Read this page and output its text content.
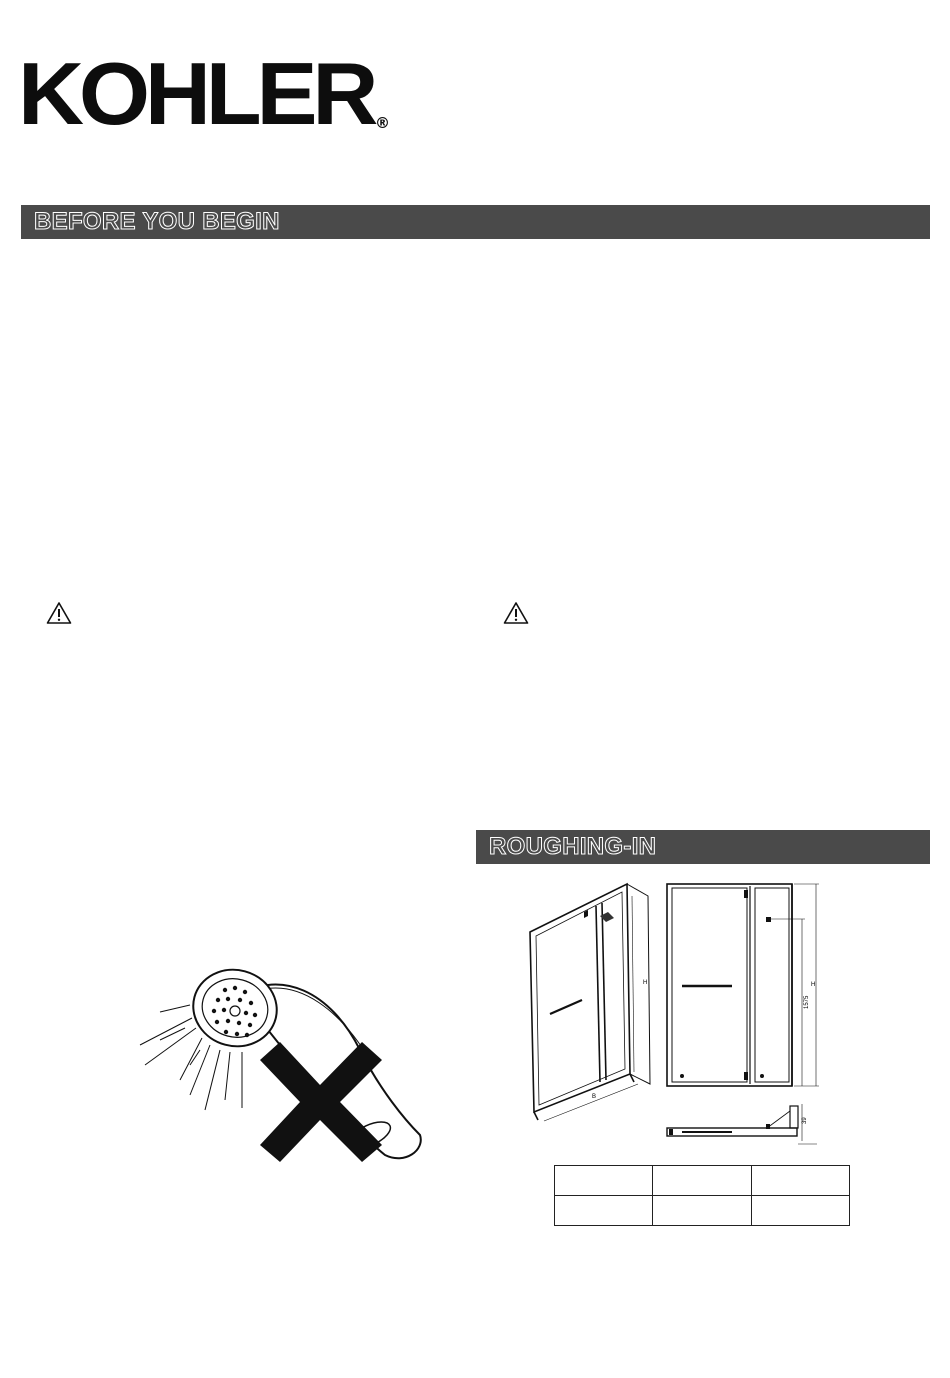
KOHLER ®
BEFORE YOU BEGIN
ROUGHING-IN
H
B
H
1575
39
